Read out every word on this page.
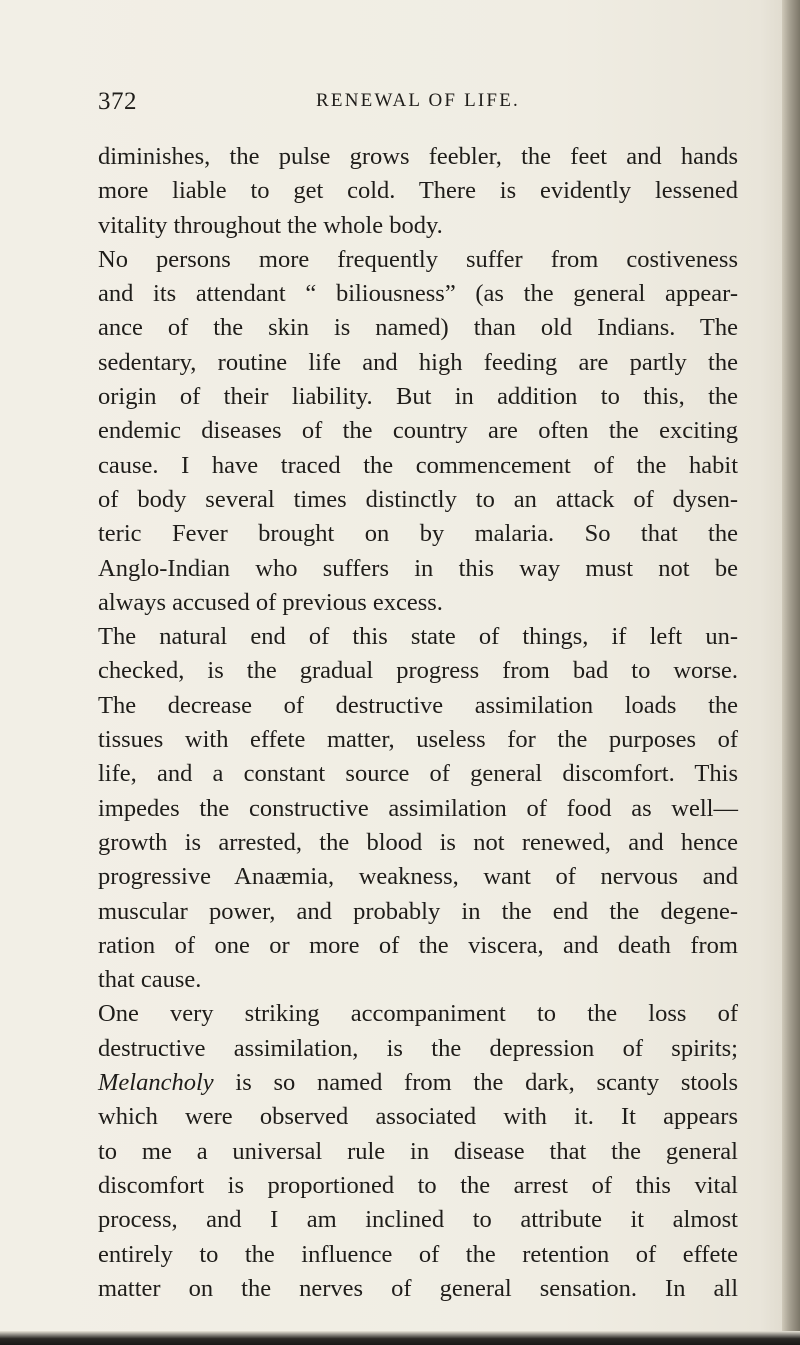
372	RENEWAL OF LIFE.
diminishes, the pulse grows feebler, the feet and hands
more liable to get cold. There is evidently lessened
vitality throughout the whole body.
No persons more frequently suffer from costiveness
and its attendant “ biliousness” (as the general appear-
ance of the skin is named) than old Indians. The
sedentary, routine life and high feeding are partly the
origin of their liability. But in addition to this, the
endemic diseases of the country are often the exciting
cause. I have traced the commencement of the habit
of body several times distinctly to an attack of dysen-
teric Fever brought on by malaria. So that the
Anglo-Indian who suffers in this way must not be
always accused of previous excess.
The natural end of this state of things, if left un-
checked, is the gradual progress from bad to worse.
The decrease of destructive assimilation loads the
tissues with effete matter, useless for the purposes of
life, and a constant source of general discomfort. This
impedes the constructive assimilation of food as well—
growth is arrested, the blood is not renewed, and hence
progressive Anaæmia, weakness, want of nervous and
muscular power, and probably in the end the degene-
ration of one or more of the viscera, and death from
that cause.
One very striking accompaniment to the loss of
destructive assimilation, is the depression of spirits;
Melancholy is so named from the dark, scanty stools
which were observed associated with it. It appears
to me a universal rule in disease that the general
discomfort is proportioned to the arrest of this vital
process, and I am inclined to attribute it almost
entirely to the influence of the retention of effete
matter on the nerves of general sensation. In all
